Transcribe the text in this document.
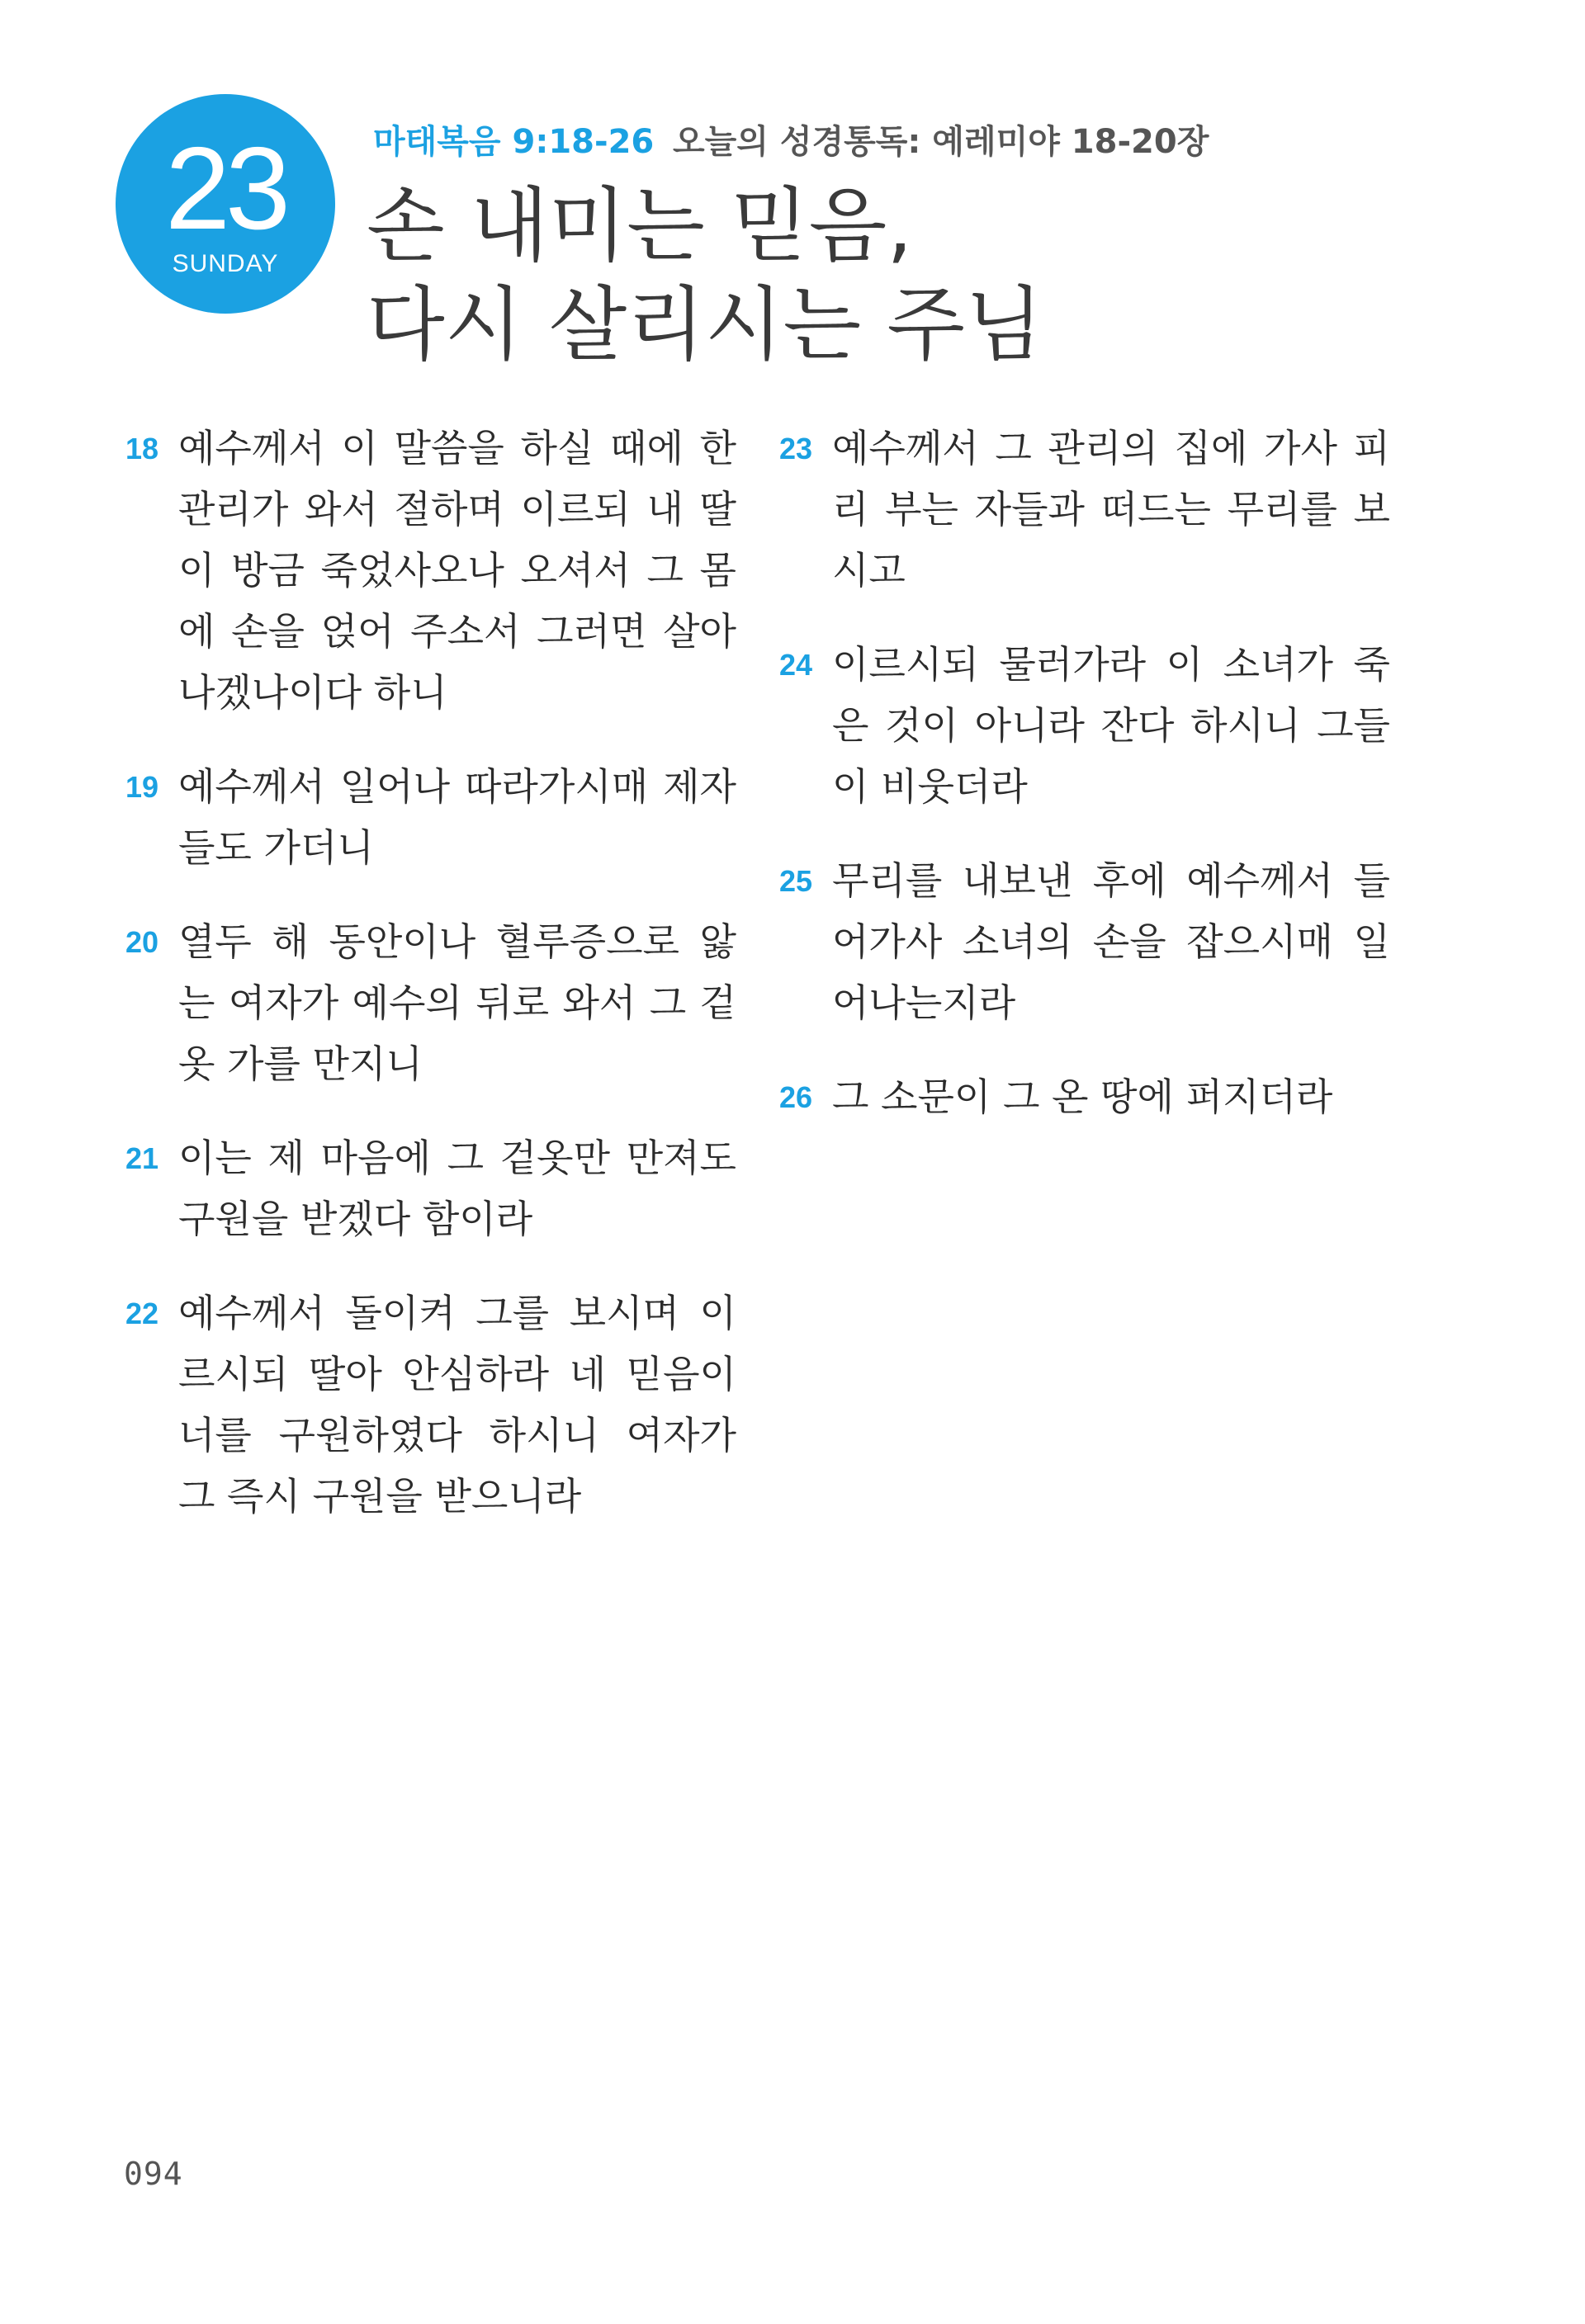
23
SUNDAY
마태복음 9:18-26 오늘의 성경통독: 예레미야 18-20장
손 내미는 믿음,
다시 살리시는 주님
18 예수께서 이 말씀을 하실 때에 한 관리가 와서 절하며 이르되 내 딸이 방금 죽었사오나 오셔서 그 몸에 손을 얹어 주소서 그러면 살아나겠나이다 하니
19 예수께서 일어나 따라가시매 제자들도 가더니
20 열두 해 동안이나 혈루증으로 앓는 여자가 예수의 뒤로 와서 그 겉옷 가를 만지니
21 이는 제 마음에 그 겉옷만 만져도 구원을 받겠다 함이라
22 예수께서 돌이켜 그를 보시며 이르시되 딸아 안심하라 네 믿음이 너를 구원하였다 하시니 여자가 그 즉시 구원을 받으니라
23 예수께서 그 관리의 집에 가사 피리 부는 자들과 떠드는 무리를 보시고
24 이르시되 물러가라 이 소녀가 죽은 것이 아니라 잔다 하시니 그들이 비웃더라
25 무리를 내보낸 후에 예수께서 들어가사 소녀의 손을 잡으시매 일어나는지라
26 그 소문이 그 온 땅에 퍼지더라
094
